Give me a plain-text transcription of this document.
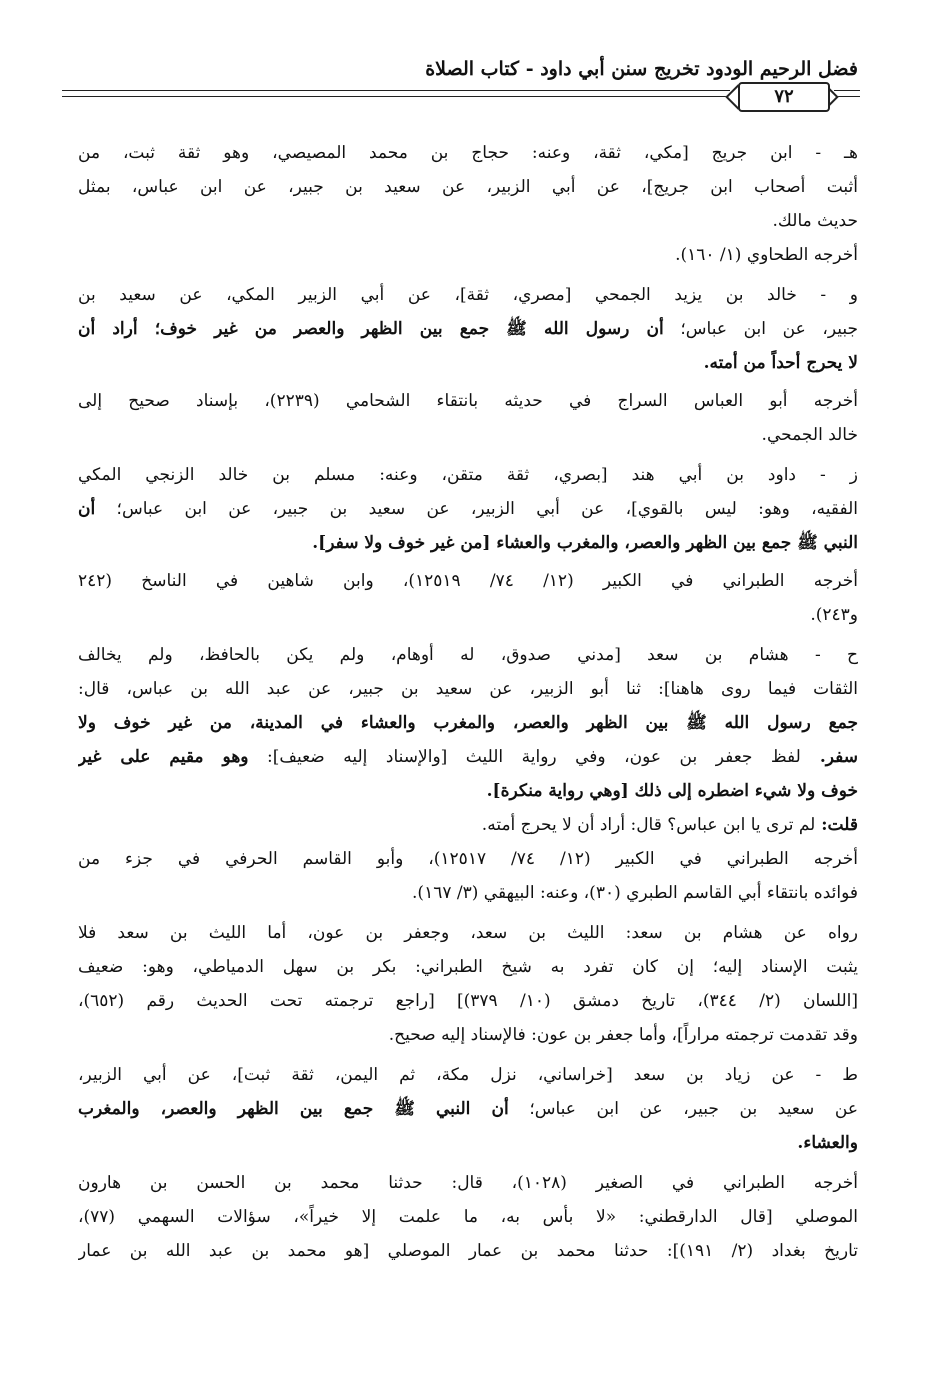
فضل الرحيم الودود تخريج سنن أبي داود - كتاب الصلاة
٧٢
هـ - ابن جريج [مكي، ثقة، وعنه: حجاج بن محمد المصيصي، وهو ثقة ثبت، من
أثبت أصحاب ابن جريج]، عن أبي الزبير، عن سعيد بن جبير، عن ابن عباس، بمثل
حديث مالك.
أخرجه الطحاوي (١/ ١٦٠).
و - خالد بن يزيد الجمحي [مصري، ثقة]، عن أبي الزبير المكي، عن سعيد بن
جبير، عن ابن عباس؛ أن رسول الله ﷺ جمع بين الظهر والعصر من غير خوف؛ أراد أن
لا يحرج أحداً من أمته.
أخرجه أبو العباس السراج في حديثه بانتقاء الشحامي (٢٢٣٩)، بإسناد صحيح إلى
خالد الجمحي.
ز - داود بن أبي هند [بصري، ثقة متقن، وعنه: مسلم بن خالد الزنجي المكي
الفقيه، وهو: ليس بالقوي]، عن أبي الزبير، عن سعيد بن جبير، عن ابن عباس؛ أن
النبي ﷺ جمع بين الظهر والعصر، والمغرب والعشاء [من غير خوف ولا سفر].
أخرجه الطبراني في الكبير (١٢/ ٧٤/ ١٢٥١٩)، وابن شاهين في الناسخ (٢٤٢
و٢٤٣).
ح - هشام بن سعد [مدني صدوق، له أوهام، ولم يكن بالحافظ، ولم يخالف
الثقات فيما روى هاهنا]: ثنا أبو الزبير، عن سعيد بن جبير، عن عبد الله بن عباس، قال:
جمع رسول الله ﷺ بين الظهر والعصر، والمغرب والعشاء في المدينة، من غير خوف ولا
سفر. لفظ جعفر بن عون، وفي رواية الليث [والإسناد إليه ضعيف]: وهو مقيم على غير
خوف ولا شيء اضطره إلى ذلك [وهي رواية منكرة].
قلت: لم ترى يا ابن عباس؟ قال: أراد أن لا يحرج أمته.
أخرجه الطبراني في الكبير (١٢/ ٧٤/ ١٢٥١٧)، وأبو القاسم الحرفي في جزء من
فوائده بانتقاء أبي القاسم الطبري (٣٠)، وعنه: البيهقي (٣/ ١٦٧).
رواه عن هشام بن سعد: الليث بن سعد، وجعفر بن عون، أما الليث بن سعد فلا
يثبت الإسناد إليه؛ إن كان تفرد به شيخ الطبراني: بكر بن سهل الدمياطي، وهو: ضعيف
[اللسان (٢/ ٣٤٤)، تاريخ دمشق (١٠/ ٣٧٩)] [راجع ترجمته تحت الحديث رقم (٦٥٢)،
وقد تقدمت ترجمته مراراً]، وأما جعفر بن عون: فالإسناد إليه صحيح.
ط - عن زياد بن سعد [خراساني، نزل مكة، ثم اليمن، ثقة ثبت]، عن أبي الزبير،
عن سعيد بن جبير، عن ابن عباس؛ أن النبي ﷺ جمع بين الظهر والعصر، والمغرب
والعشاء.
أخرجه الطبراني في الصغير (١٠٢٨)، قال: حدثنا محمد بن الحسن بن هارون
الموصلي [قال الدارقطني: «لا بأس به، ما علمت إلا خيراً»، سؤالات السهمي (٧٧)،
تاريخ بغداد (٢/ ١٩١)]: حدثنا محمد بن عمار الموصلي [هو محمد بن عبد الله بن عمار
